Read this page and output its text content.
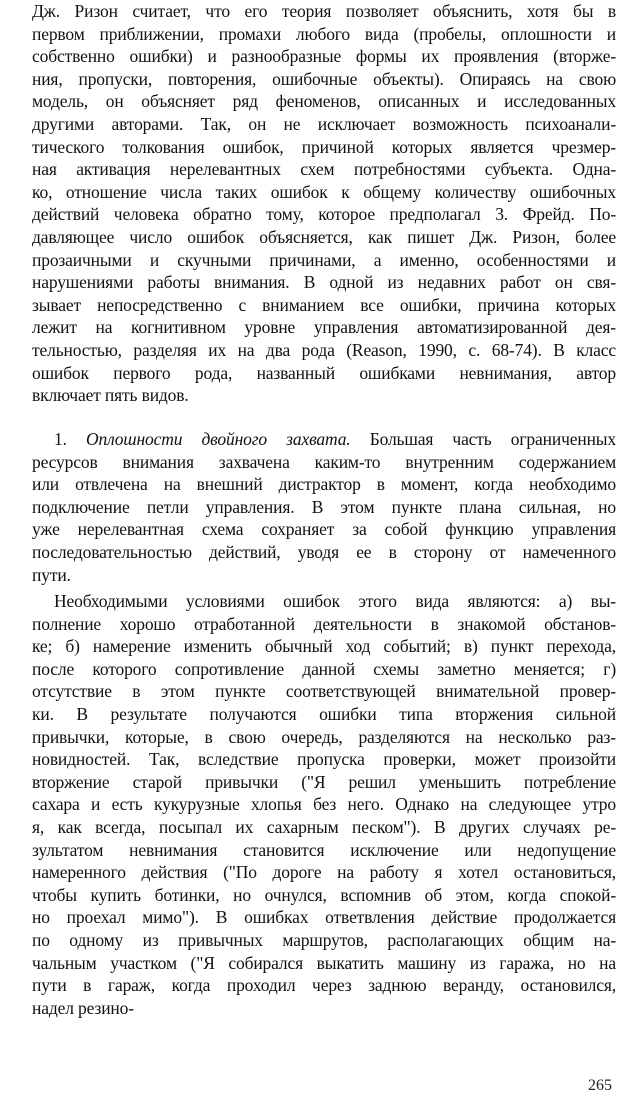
Дж. Ризон считает, что его теория позволяет объяснить, хотя бы в
первом приближении, промахи любого вида (пробелы, оплошности и
собственно ошибки) и разнообразные формы их проявления (вторже-
ния, пропуски, повторения, ошибочные объекты). Опираясь на свою
модель, он объясняет ряд феноменов, описанных и исследованных
другими авторами. Так, он не исключает возможность психоанали-
тического толкования ошибок, причиной которых является чрезмер-
ная активация нерелевантных схем потребностями субъекта. Одна-
ко, отношение числа таких ошибок к общему количеству ошибочных
действий человека обратно тому, которое предполагал 3. Фрейд. По-
давляющее число ошибок объясняется, как пишет Дж. Ризон, более
прозаичными и скучными причинами, а именно, особенностями и
нарушениями работы внимания. В одной из недавних работ он свя-
зывает непосредственно с вниманием все ошибки, причина которых
лежит на когнитивном уровне управления автоматизированной дея-
тельностью, разделяя их на два рода (Reason, 1990, с. 68-74). В класс
ошибок первого рода, названный ошибками невнимания, автор
включает пять видов.
1. Оплошности двойного захвата. Большая часть ограниченных
ресурсов внимания захвачена каким-то внутренним содержанием
или отвлечена на внешний дистрактор в момент, когда необходимо
подключение петли управления. В этом пункте плана сильная, но
уже нерелевантная схема сохраняет за собой функцию управления
последовательностью действий, уводя ее в сторону от намеченного
пути.
Необходимыми условиями ошибок этого вида являются: а) вы-
полнение хорошо отработанной деятельности в знакомой обстанов-
ке; б) намерение изменить обычный ход событий; в) пункт перехода,
после которого сопротивление данной схемы заметно меняется; г)
отсутствие в этом пункте соответствующей внимательной провер-
ки. В результате получаются ошибки типа вторжения сильной
привычки, которые, в свою очередь, разделяются на несколько раз-
новидностей. Так, вследствие пропуска проверки, может произойти
вторжение старой привычки ("Я решил уменьшить потребление
сахара и есть кукурузные хлопья без него. Однако на следующее утро
я, как всегда, посыпал их сахарным песком"). В других случаях ре-
зультатом невнимания становится исключение или недопущение
намеренного действия ("По дороге на работу я хотел остановиться,
чтобы купить ботинки, но очнулся, вспомнив об этом, когда спокой-
но проехал мимо"). В ошибках ответвления действие продолжается
по одному из привычных маршрутов, располагающих общим на-
чальным участком ("Я собирался выкатить машину из гаража, но на
пути в гараж, когда проходил через заднюю веранду, остановился,
надел резино-
265
